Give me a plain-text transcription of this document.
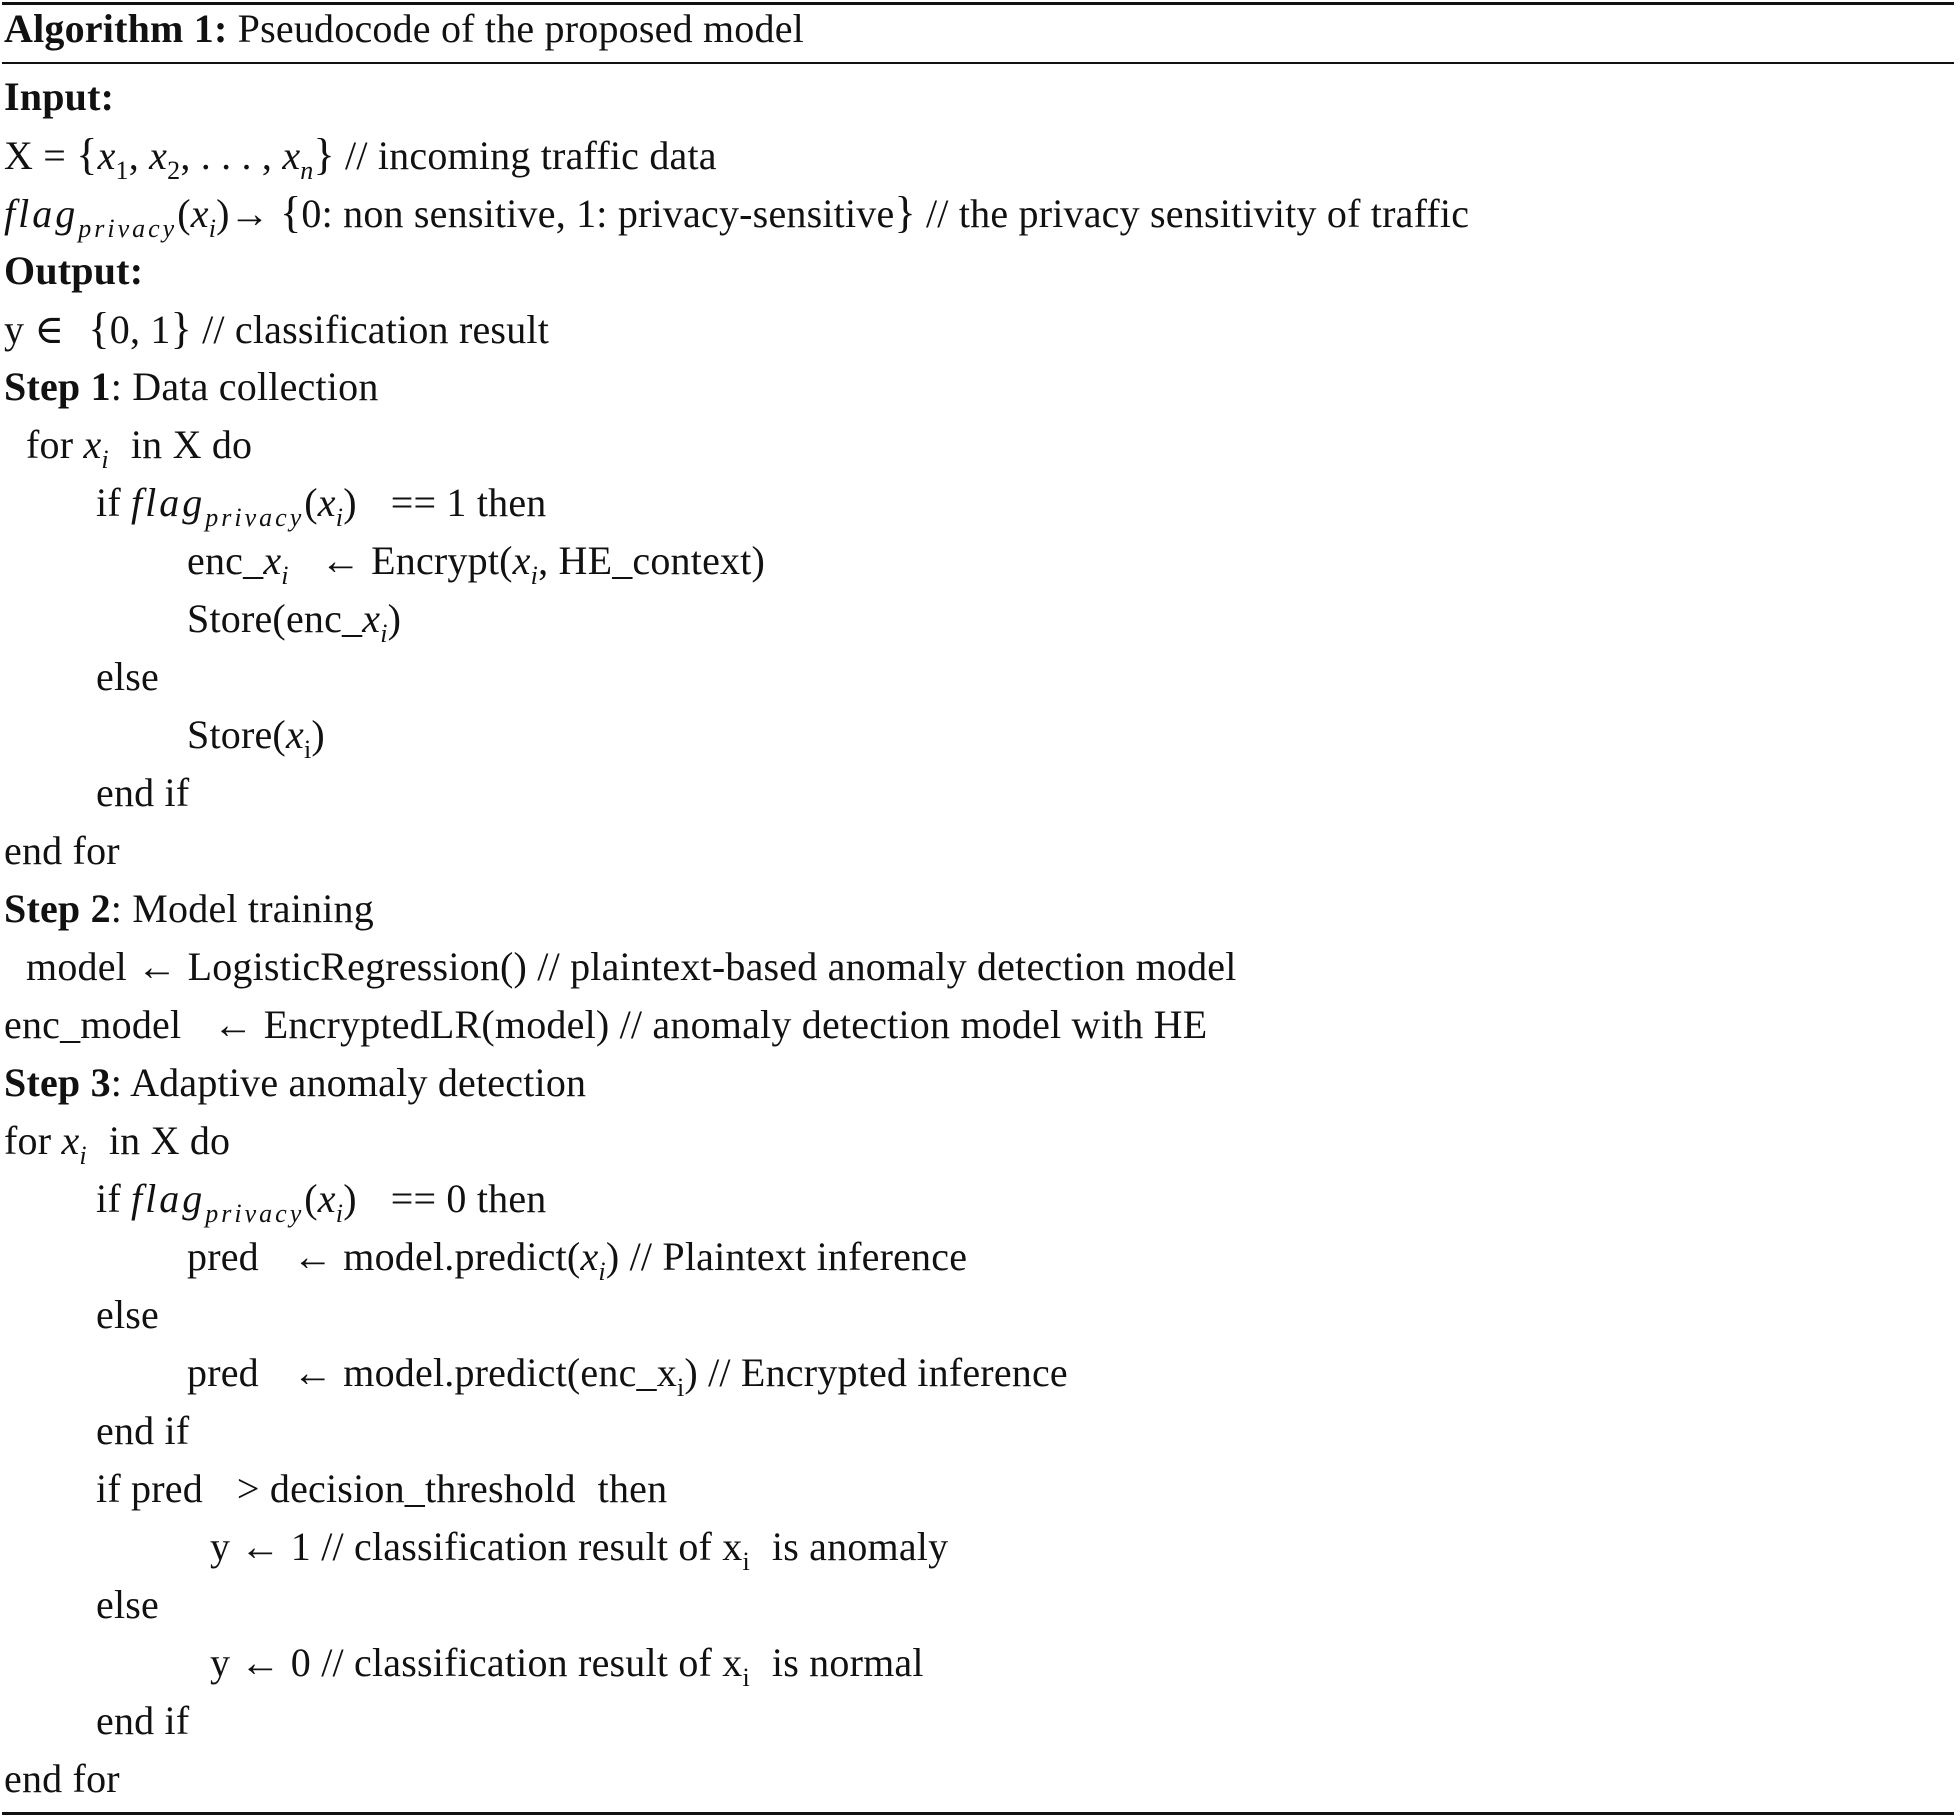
Algorithm 1: Pseudocode of the proposed model
Input:
$X = \{x_1$, $x_2$, . . . , $x_n$} // incoming traffic data
$flag_{privacy}(x_i)\to \{0$: non sensitive, 1: privacy-sensitive} // the privacy sensitivity of traffic
Output:
y ∈ {0, 1} // classification result
Step 1: Data collection
for $x_i$ in X do
if $flag_{privacy}(x_i) == 1$ then
$enc\_x_i$ ← $Encrypt(x_i$, HE_context)
$Store(enc\_x_i)$
else
$Store(x_i)$
end if
end for
Step 2: Model training
model ← LogisticRegression() // plaintext-based anomaly detection model
enc_model ← EncryptedLR(model) // anomaly detection model with HE
Step 3: Adaptive anomaly detection
for $x_i$ in X do
if $flag_{privacy}(x_i) == 0$ then
pred ← $model.predict(x_i)$ // Plaintext inference
else
pred ← $model.predict(enc\_x_i)$ // Encrypted inference
end if
if pred > decision_threshold then
y ← 1 // classification result of $x_i$ is anomaly
else
y ← 0 // classification result of $x_i$ is normal
end if
end for
